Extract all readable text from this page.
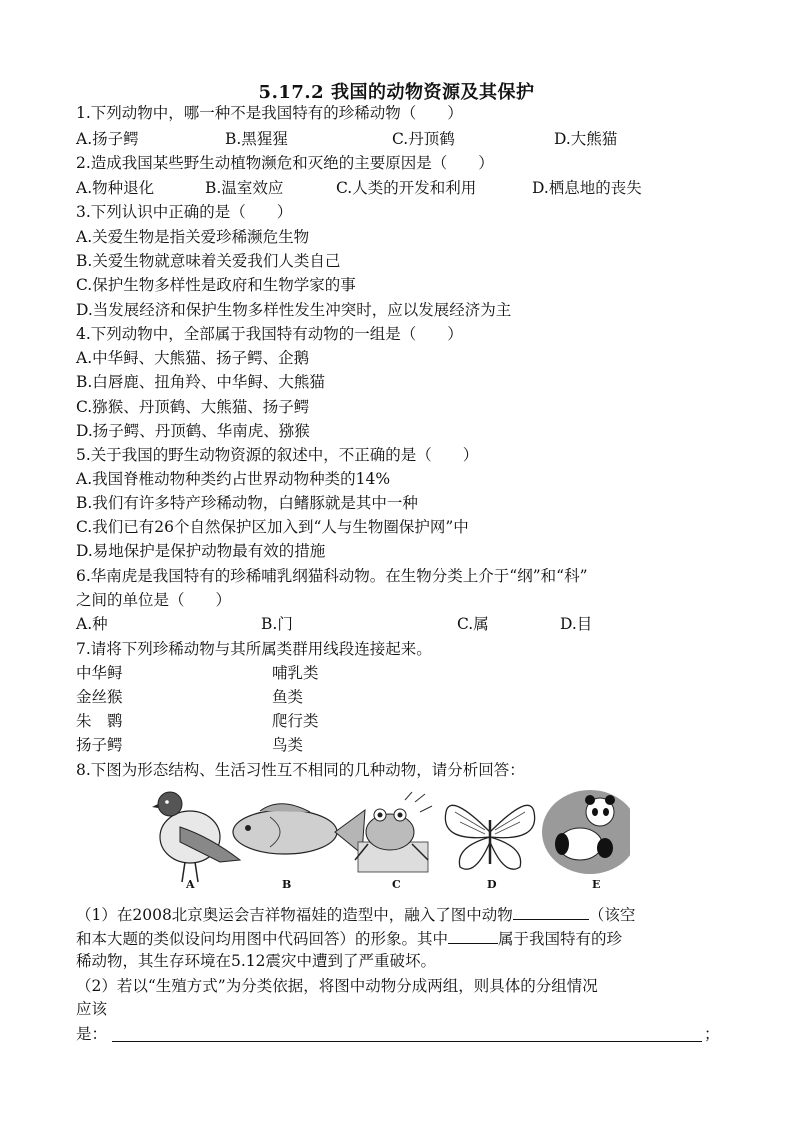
5.17.2 我国的动物资源及其保护
1.下列动物中，哪一种不是我国特有的珍稀动物（　　）
A.扬子鳄	B.黑猩猩	C.丹顶鹤	D.大熊猫
2.造成我国某些野生动植物濒危和灭绝的主要原因是（　　）
A.物种退化	B.温室效应	C.人类的开发和利用	D.栖息地的丧失
3.下列认识中正确的是（　　）
A.关爱生物是指关爱珍稀濒危生物
B.关爱生物就意味着关爱我们人类自己
C.保护生物多样性是政府和生物学家的事
D.当发展经济和保护生物多样性发生冲突时，应以发展经济为主
4.下列动物中，全部属于我国特有动物的一组是（　　）
A.中华鲟、大熊猫、扬子鳄、企鹅
B.白唇鹿、扭角羚、中华鲟、大熊猫
C.猕猴、丹顶鹤、大熊猫、扬子鳄
D.扬子鳄、丹顶鹤、华南虎、猕猴
5.关于我国的野生动物资源的叙述中，不正确的是（　　）
A.我国脊椎动物种类约占世界动物种类的14%
B.我们有许多特产珍稀动物，白鳍豚就是其中一种
C.我们已有26个自然保护区加入到“人与生物圈保护网”中
D.易地保护是保护动物最有效的措施
6.华南虎是我国特有的珍稀哺乳纲猫科动物。在生物分类上介于“纲”和“科”
之间的单位是（　　）
A.种	B.门	C.属	D.目
7.请将下列珍稀动物与其所属类群用线段连接起来。
中华鲟	哺乳类
金丝猴	鱼类
朱　鹮	爬行类
扬子鳄	鸟类
8.下图为形态结构、生活习性互不相同的几种动物，请分析回答：
A	B	C	D	E
（1）在2008北京奥运会吉祥物福娃的造型中，融入了图中动物	（该空
和本大题的类似设问均用图中代码回答）的形象。其中	属于我国特有的珍
稀动物，其生存环境在5.12震灾中遭到了严重破坏。
（2）若以“生殖方式”为分类依据，将图中动物分成两组，则具体的分组情况
应该
是：	；
